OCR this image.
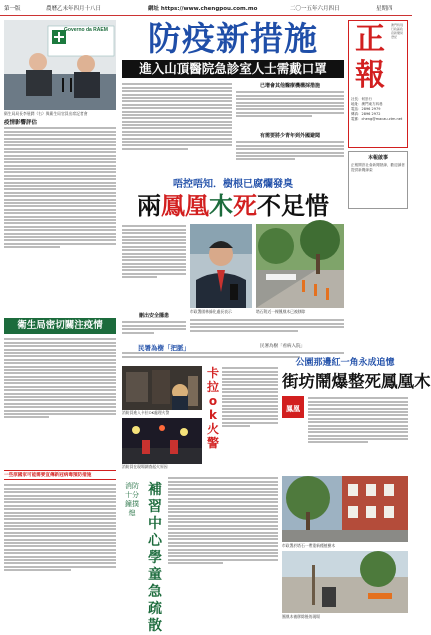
第一版	農曆乙未年四月十八日	網址 https://www.chengpou.com.mo	二〇一五年六月四日	星期四
Governo da RAEM
衛生局局長李展潤（右）與衛生局官員出席記者會
防疫新措施
進入山頂醫院急診室人士需戴口罩
正
報
澳門特別行政區政府新聞局登記
社長：何崇行
地址：澳門東方斜巷
電話：2896 2979
傳真：2896 2972
電郵：cheng@macau.ctm.net
本報啟事
正報開設社會新聞熱線，歡迎讀者提供新聞線索
已增會其他醫療機構採措施
有需要將少青年到外國避聞
疫情影響評估
衛生局密切關注疫情
一些原國家可能需要宣傳新冠病毒預防措施
唔控唔知．樹根已腐爛發臭
兩鳳凰木死不足惜
市政署園林綠化處長表示	塔石附近一棵鳳凰木已被移除
刪出安全隱患
民署為樹「把脈」	民署為樹「看病入院」
消防員進入卡拉OK處理火警
消防員在現場調查起火原因
卡拉ok火警
公園那邊紅一角永成追憶
街坊鬧爆整死鳳凰木
鳳凰
補習中心學童急疏散
消防十分鐘撲熄
市政署於塔石一帶重新種植樹木
鳳凰木被移除後的現場
